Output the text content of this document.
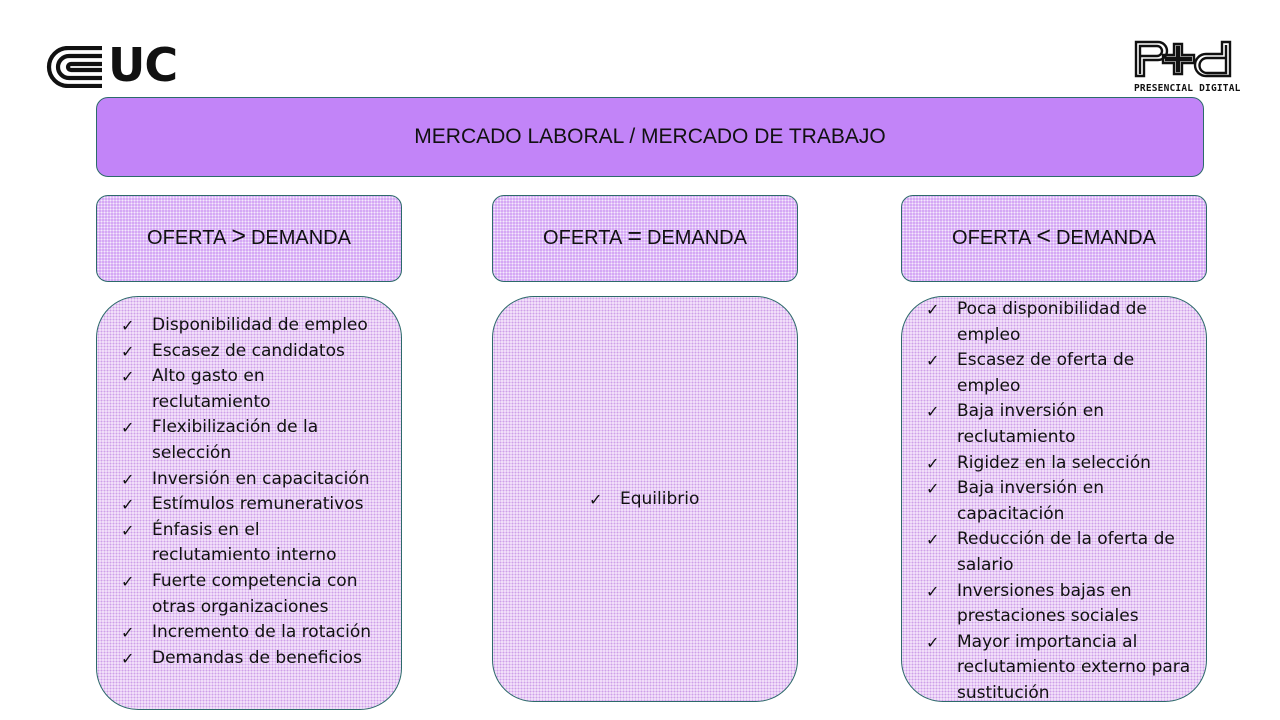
UC	PRESENCIAL DIGITAL
MERCADO LABORAL / MERCADO DE TRABAJO
OFERTA > DEMANDA	OFERTA = DEMANDA	OFERTA < DEMANDA
✓ Disponibilidad de empleo
✓ Escasez de candidatos
✓ Alto gasto en reclutamiento
✓ Flexibilización de la selección
✓ Inversión en capacitación
✓ Estímulos remunerativos
✓ Énfasis en el reclutamiento interno
✓ Fuerte competencia con otras organizaciones
✓ Incremento de la rotación
✓ Demandas de beneficios
✓ Equilibrio
✓ Poca disponibilidad de empleo
✓ Escasez de oferta de empleo
✓ Baja inversión en reclutamiento
✓ Rigidez en la selección
✓ Baja inversión en capacitación
✓ Reducción de la oferta de salario
✓ Inversiones bajas en prestaciones sociales
✓ Mayor importancia al reclutamiento externo para sustitución
